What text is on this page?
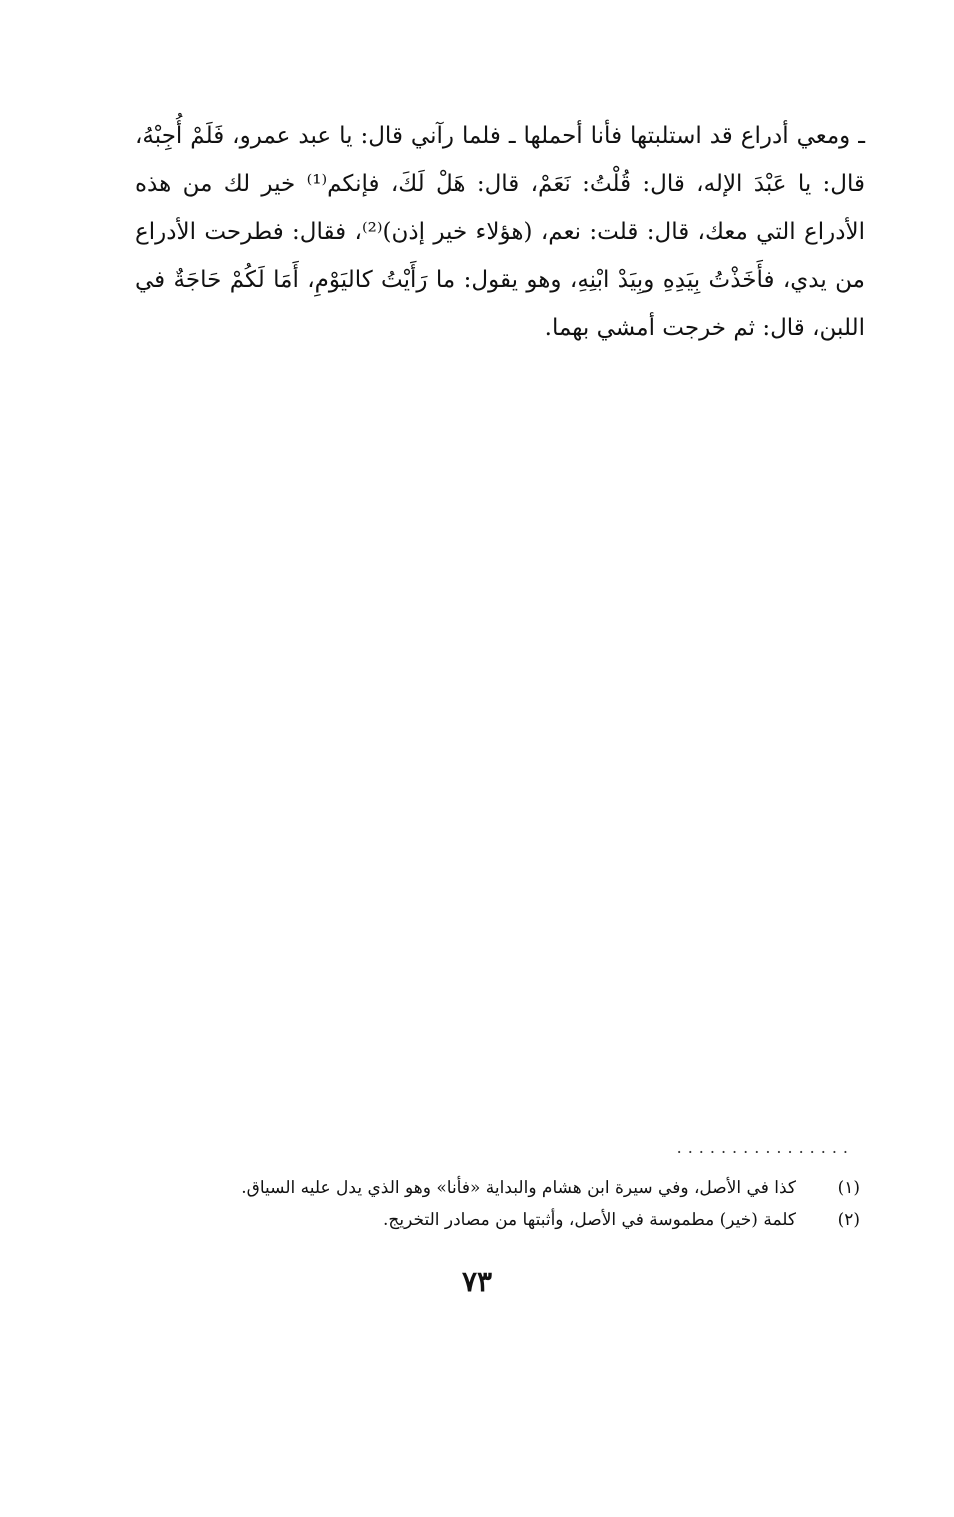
ـ ومعي أدراع قد استلبتها فأنا أحملها ـ فلما رآني قال: يا عبد عمرو، فَلَمْ أُجِبْهُ، قال: يا عَبْدَ الإله، قال: قُلْتُ: نَعَمْ، قال: هَلْ لَكَ، فإنكم⁽¹⁾ خير لك من هذه الأدراع التي معك، قال: قلت: نعم، (هؤلاء خير إذن)⁽²⁾، فقال: فطرحت الأدراع من يدي، فأَخَذْتُ بِيَدِهِ وبِيَدْ ابْنِهِ، وهو يقول: ما رَأَيْتُ كاليَوْمِ، أَمَا لَكُمْ حَاجَةٌ في اللبن، قال: ثم خرجت أمشي بهما.

................
(١)
كذا في الأصل، وفي سيرة ابن هشام والبداية «فأنا» وهو الذي يدل عليه السياق.
(٢)
كلمة (خير) مطموسة في الأصل، وأثبتها من مصادر التخريج.
٧٣
